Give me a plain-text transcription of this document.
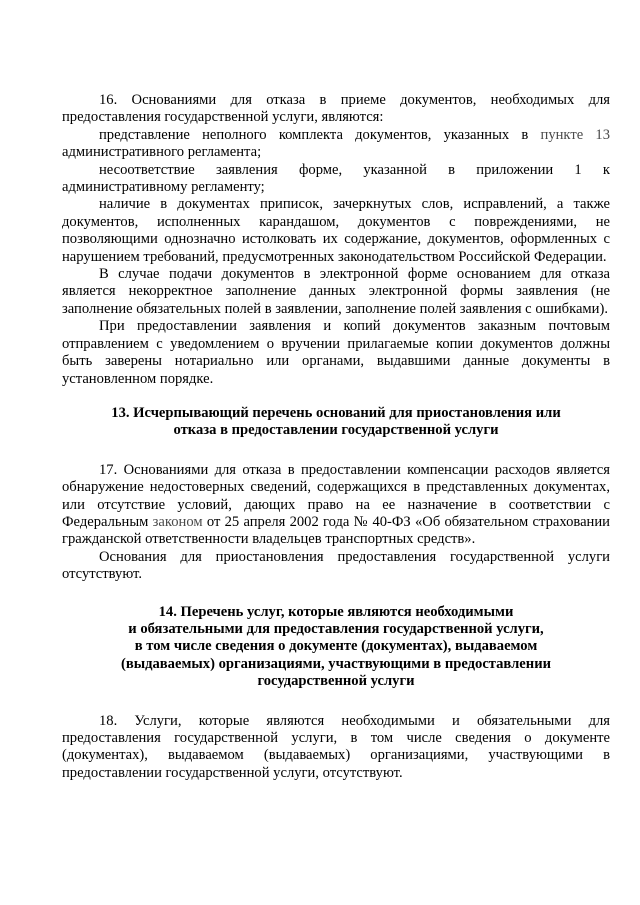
16. Основаниями для отказа в приеме документов, необходимых для предоставления государственной услуги, являются:

представление неполного комплекта документов, указанных в пункте 13 административного регламента;

несоответствие заявления форме, указанной в приложении 1 к административному регламенту;

наличие в документах приписок, зачеркнутых слов, исправлений, а также документов, исполненных карандашом, документов с повреждениями, не позволяющими однозначно истолковать их содержание, документов, оформленных с нарушением требований, предусмотренных законодательством Российской Федерации.

В случае подачи документов в электронной форме основанием для отказа является некорректное заполнение данных электронной формы заявления (не заполнение обязательных полей в заявлении, заполнение полей заявления с ошибками).

При предоставлении заявления и копий документов заказным почтовым отправлением с уведомлением о вручении прилагаемые копии документов должны быть заверены нотариально или органами, выдавшими данные документы в установленном порядке.

13. Исчерпывающий перечень оснований для приостановления или
отказа в предоставлении государственной услуги

17. Основаниями для отказа в предоставлении компенсации расходов является обнаружение недостоверных сведений, содержащихся в представленных документах, или отсутствие условий, дающих право на ее назначение в соответствии с Федеральным законом от 25 апреля 2002 года № 40-ФЗ «Об обязательном страховании гражданской ответственности владельцев транспортных средств».

Основания для приостановления предоставления государственной услуги отсутствуют.

14. Перечень услуг, которые являются необходимыми
и обязательными для предоставления государственной услуги,
в том числе сведения о документе (документах), выдаваемом
(выдаваемых) организациями, участвующими в предоставлении
государственной услуги

18. Услуги, которые являются необходимыми и обязательными для предоставления государственной услуги, в том числе сведения о документе (документах), выдаваемом (выдаваемых) организациями, участвующими в предоставлении государственной услуги, отсутствуют.
